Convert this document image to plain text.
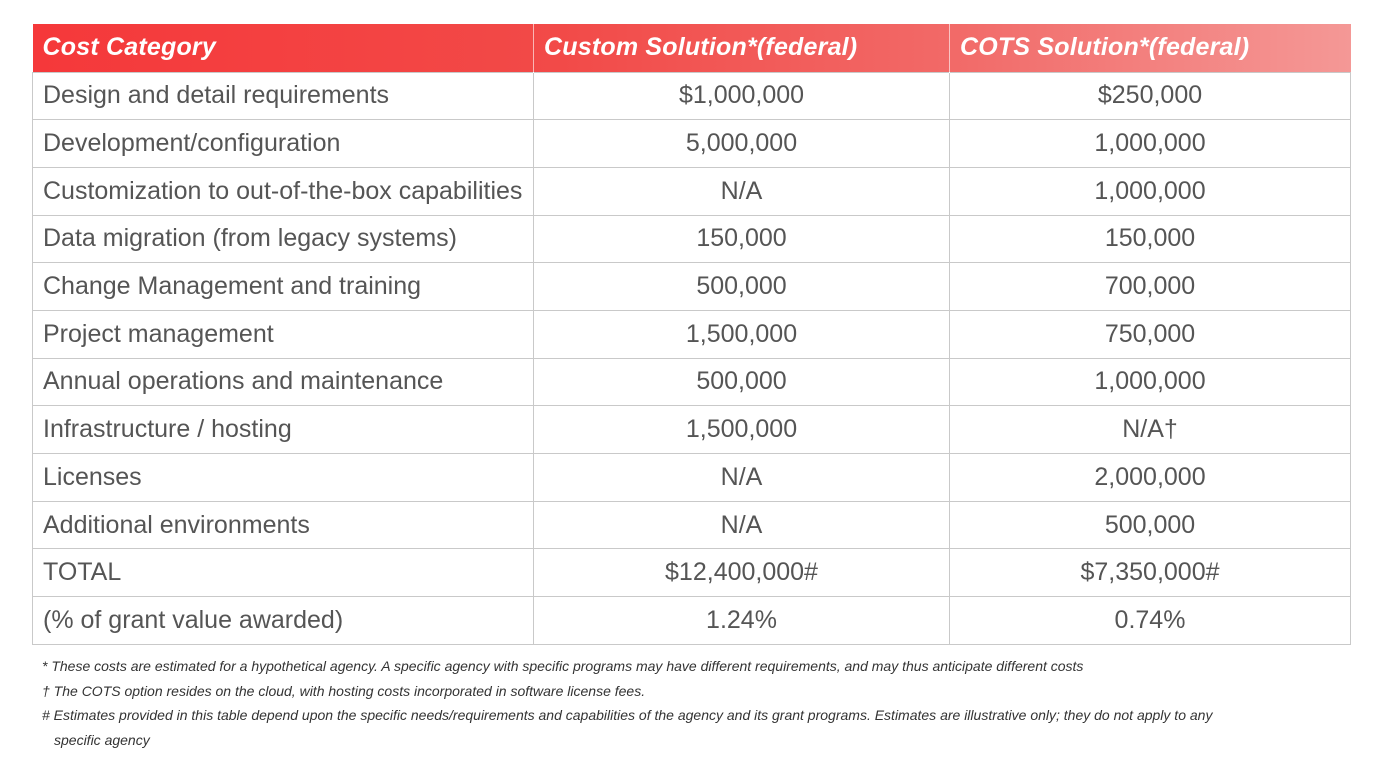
Cost Category	Custom Solution*(federal)	COTS Solution*(federal)
Design and detail requirements	$1,000,000	$250,000
Development/configuration	5,000,000	1,000,000
Customization to out-of-the-box capabilities	N/A	1,000,000
Data migration (from legacy systems)	150,000	150,000
Change Management and training	500,000	700,000
Project management	1,500,000	750,000
Annual operations and maintenance	500,000	1,000,000
Infrastructure / hosting	1,500,000	N/A†
Licenses	N/A	2,000,000
Additional environments	N/A	500,000
TOTAL	$12,400,000#	$7,350,000#
(% of grant value awarded)	1.24%	0.74%

* These costs are estimated for a hypothetical agency. A specific agency with specific programs may have different requirements, and may thus anticipate different costs

† The COTS option resides on the cloud, with hosting costs incorporated in software license fees.

# Estimates provided in this table depend upon the specific needs/requirements and capabilities of the agency and its grant programs. Estimates are illustrative only; they do not apply to any

specific agency
